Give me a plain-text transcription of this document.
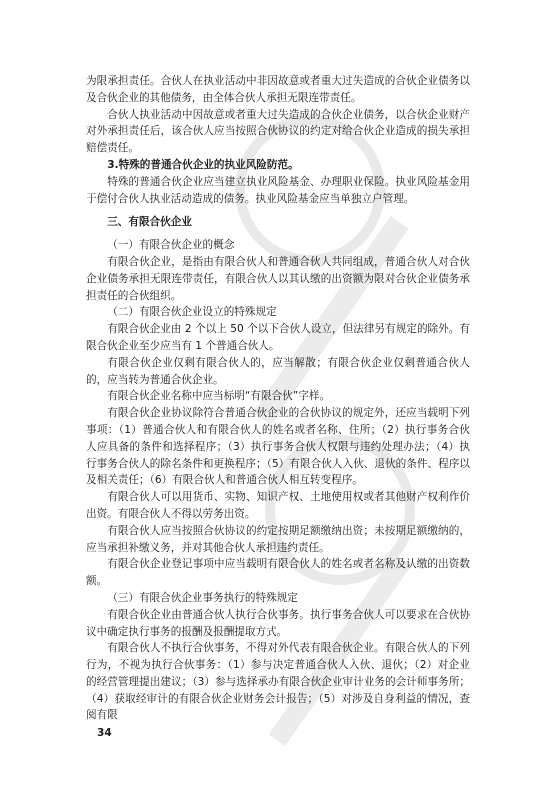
为限承担责任。合伙人在执业活动中非因故意或者重大过失造成的合伙企业债务以及合伙企业的其他债务，由全体合伙人承担无限连带责任。

合伙人执业活动中因故意或者重大过失造成的合伙企业债务，以合伙企业财产对外承担责任后，该合伙人应当按照合伙协议的约定对给合伙企业造成的损失承担赔偿责任。

3.特殊的普通合伙企业的执业风险防范。

特殊的普通合伙企业应当建立执业风险基金、办理职业保险。执业风险基金用于偿付合伙人执业活动造成的债务。执业风险基金应当单独立户管理。

三、有限合伙企业

（一）有限合伙企业的概念

有限合伙企业，是指由有限合伙人和普通合伙人共同组成，普通合伙人对合伙企业债务承担无限连带责任，有限合伙人以其认缴的出资额为限对合伙企业债务承担责任的合伙组织。

（二）有限合伙企业设立的特殊规定

有限合伙企业由 2 个以上 50 个以下合伙人设立，但法律另有规定的除外。有限合伙企业至少应当有 1 个普通合伙人。

有限合伙企业仅剩有限合伙人的，应当解散；有限合伙企业仅剩普通合伙人的，应当转为普通合伙企业。

有限合伙企业名称中应当标明“有限合伙”字样。

有限合伙企业协议除符合普通合伙企业的合伙协议的规定外，还应当载明下列事项：（1）普通合伙人和有限合伙人的姓名或者名称、住所；（2）执行事务合伙人应具备的条件和选择程序；（3）执行事务合伙人权限与违约处理办法；（4）执行事务合伙人的除名条件和更换程序；（5）有限合伙人入伙、退伙的条件、程序以及相关责任；（6）有限合伙人和普通合伙人相互转变程序。

有限合伙人可以用货币、实物、知识产权、土地使用权或者其他财产权利作价出资。有限合伙人不得以劳务出资。

有限合伙人应当按照合伙协议的约定按期足额缴纳出资；未按期足额缴纳的，应当承担补缴义务，并对其他合伙人承担违约责任。

有限合伙企业登记事项中应当载明有限合伙人的姓名或者名称及认缴的出资数额。

（三）有限合伙企业事务执行的特殊规定

有限合伙企业由普通合伙人执行合伙事务。执行事务合伙人可以要求在合伙协议中确定执行事务的报酬及报酬提取方式。

有限合伙人不执行合伙事务，不得对外代表有限合伙企业。有限合伙人的下列行为，不视为执行合伙事务：（1）参与决定普通合伙人入伙、退伙；（2）对企业的经营管理提出建议；（3）参与选择承办有限合伙企业审计业务的会计师事务所；（4）获取经审计的有限合伙企业财务会计报告；（5）对涉及自身利益的情况，查阅有限

34
